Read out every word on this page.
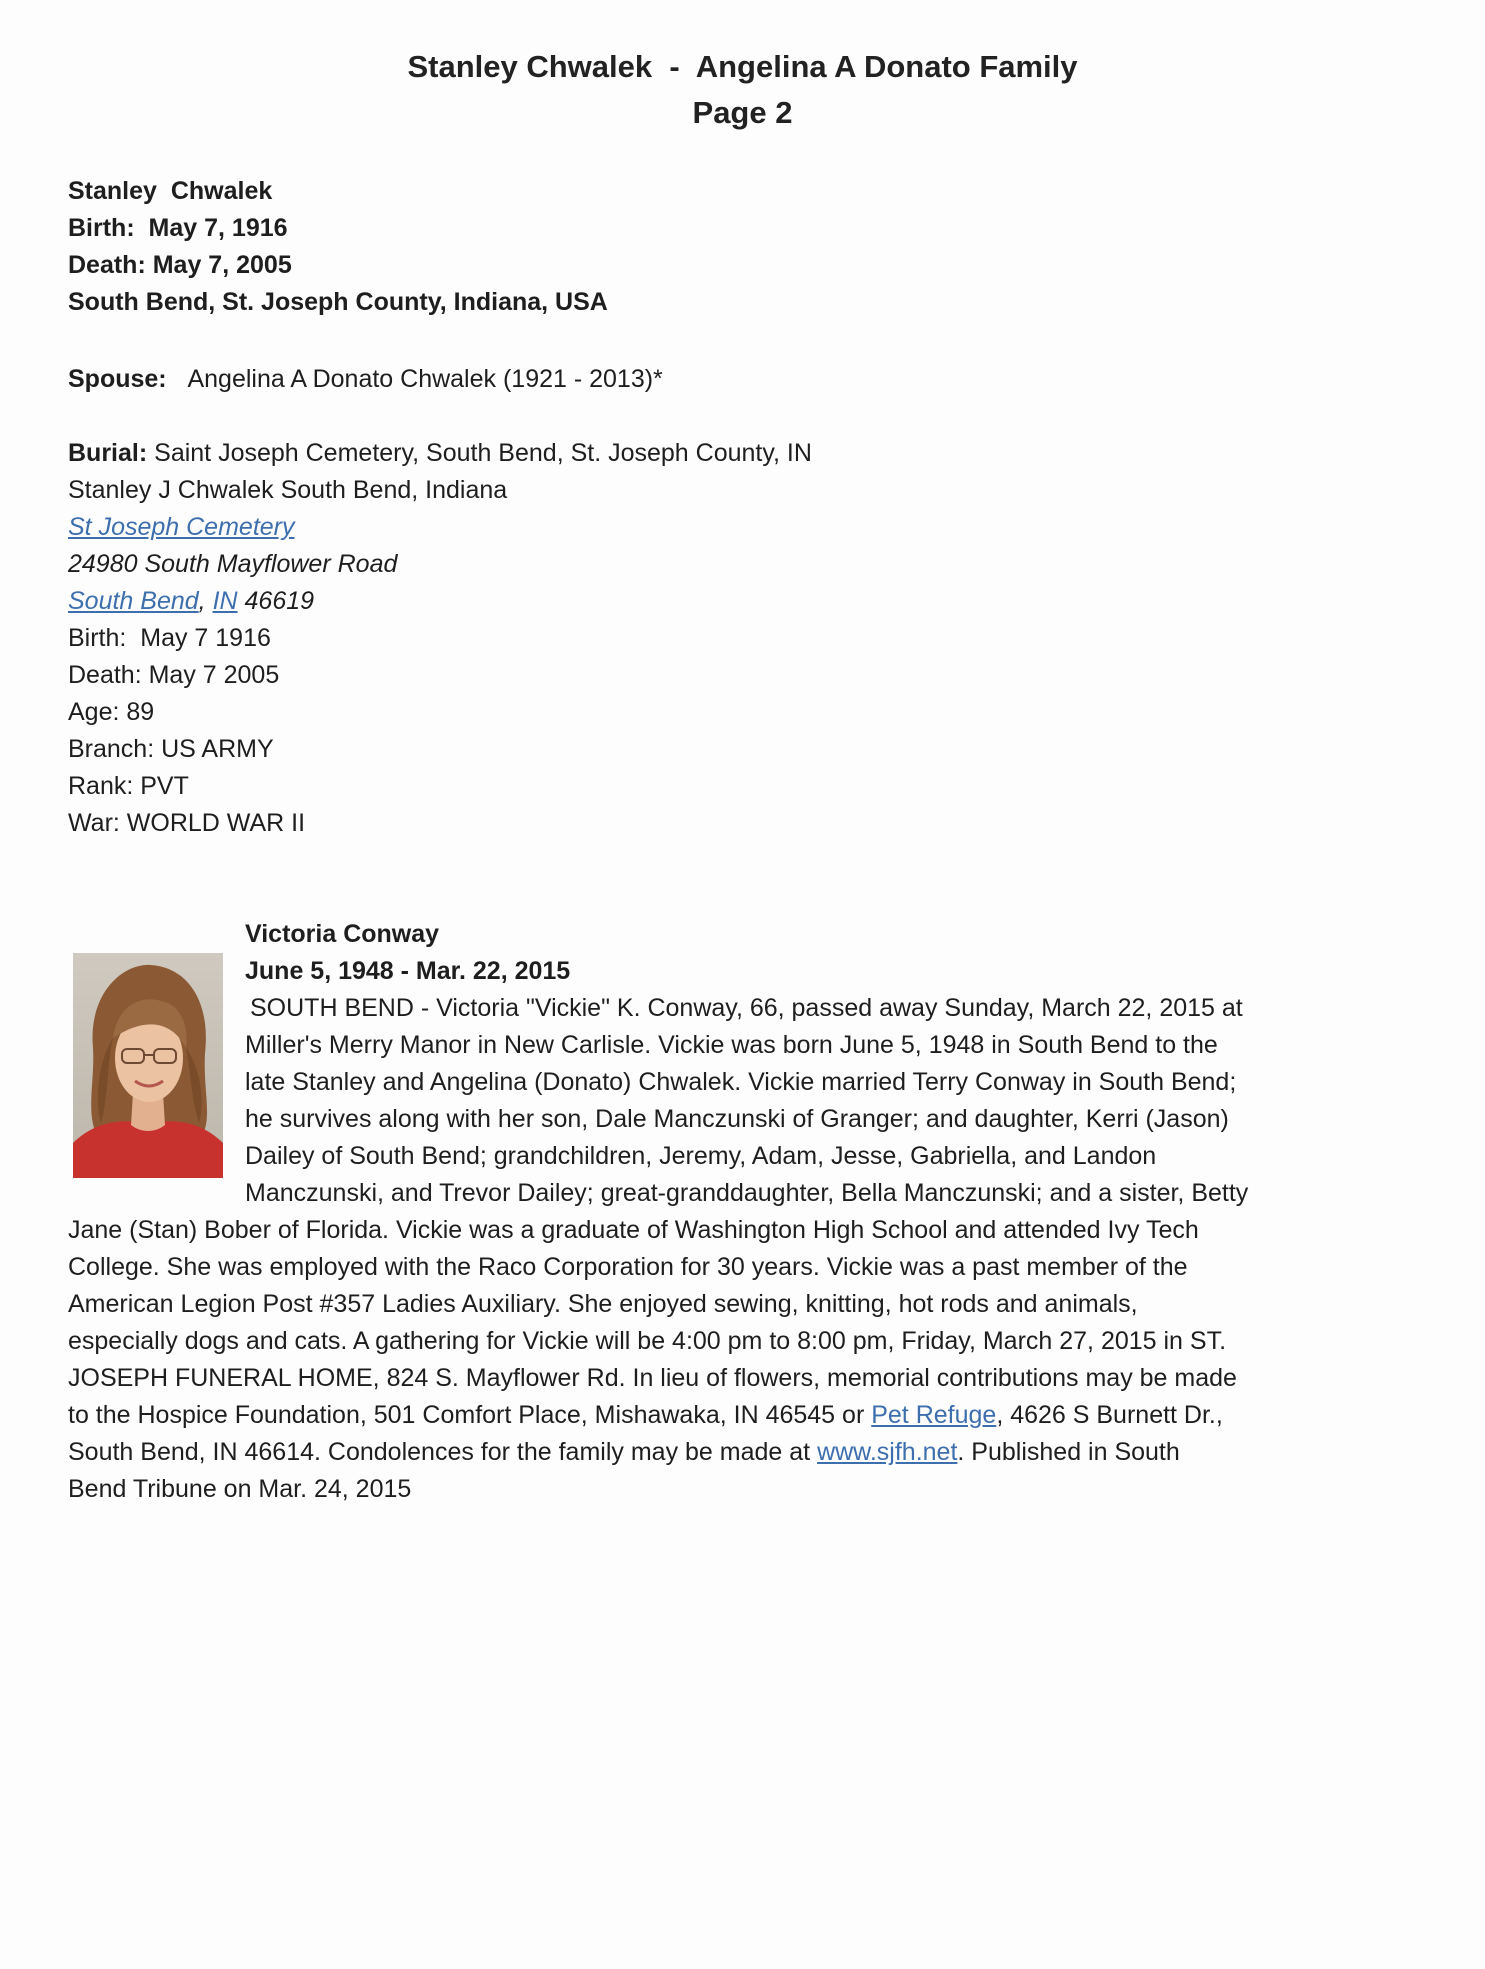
Stanley Chwalek  -  Angelina A Donato Family
Page 2
Stanley  Chwalek
Birth:  May 7, 1916
Death: May 7, 2005
South Bend, St. Joseph County, Indiana, USA
Spouse: Angelina A Donato Chwalek (1921 - 2013)*
Burial: Saint Joseph Cemetery, South Bend, St. Joseph County, IN
Stanley J Chwalek South Bend, Indiana
St Joseph Cemetery
24980 South Mayflower Road
South Bend, IN 46619
Birth:  May 7 1916
Death: May 7 2005
Age: 89
Branch: US ARMY
Rank: PVT
War: WORLD WAR II
Victoria Conway
June 5, 1948 - Mar. 22, 2015
SOUTH BEND - Victoria "Vickie" K. Conway, 66, passed away Sunday, March 22, 2015 at
Miller's Merry Manor in New Carlisle. Vickie was born June 5, 1948 in South Bend to the
late Stanley and Angelina (Donato) Chwalek. Vickie married Terry Conway in South Bend;
he survives along with her son, Dale Manczunski of Granger; and daughter, Kerri (Jason)
Dailey of South Bend; grandchildren, Jeremy, Adam, Jesse, Gabriella, and Landon
Manczunski, and Trevor Dailey; great-granddaughter, Bella Manczunski; and a sister, Betty
Jane (Stan) Bober of Florida. Vickie was a graduate of Washington High School and attended Ivy Tech
College. She was employed with the Raco Corporation for 30 years. Vickie was a past member of the
American Legion Post #357 Ladies Auxiliary. She enjoyed sewing, knitting, hot rods and animals,
especially dogs and cats. A gathering for Vickie will be 4:00 pm to 8:00 pm, Friday, March 27, 2015 in ST.
JOSEPH FUNERAL HOME, 824 S. Mayflower Rd. In lieu of flowers, memorial contributions may be made
to the Hospice Foundation, 501 Comfort Place, Mishawaka, IN 46545 or Pet Refuge, 4626 S Burnett Dr.,
South Bend, IN 46614. Condolences for the family may be made at www.sjfh.net. Published in South
Bend Tribune on Mar. 24, 2015
